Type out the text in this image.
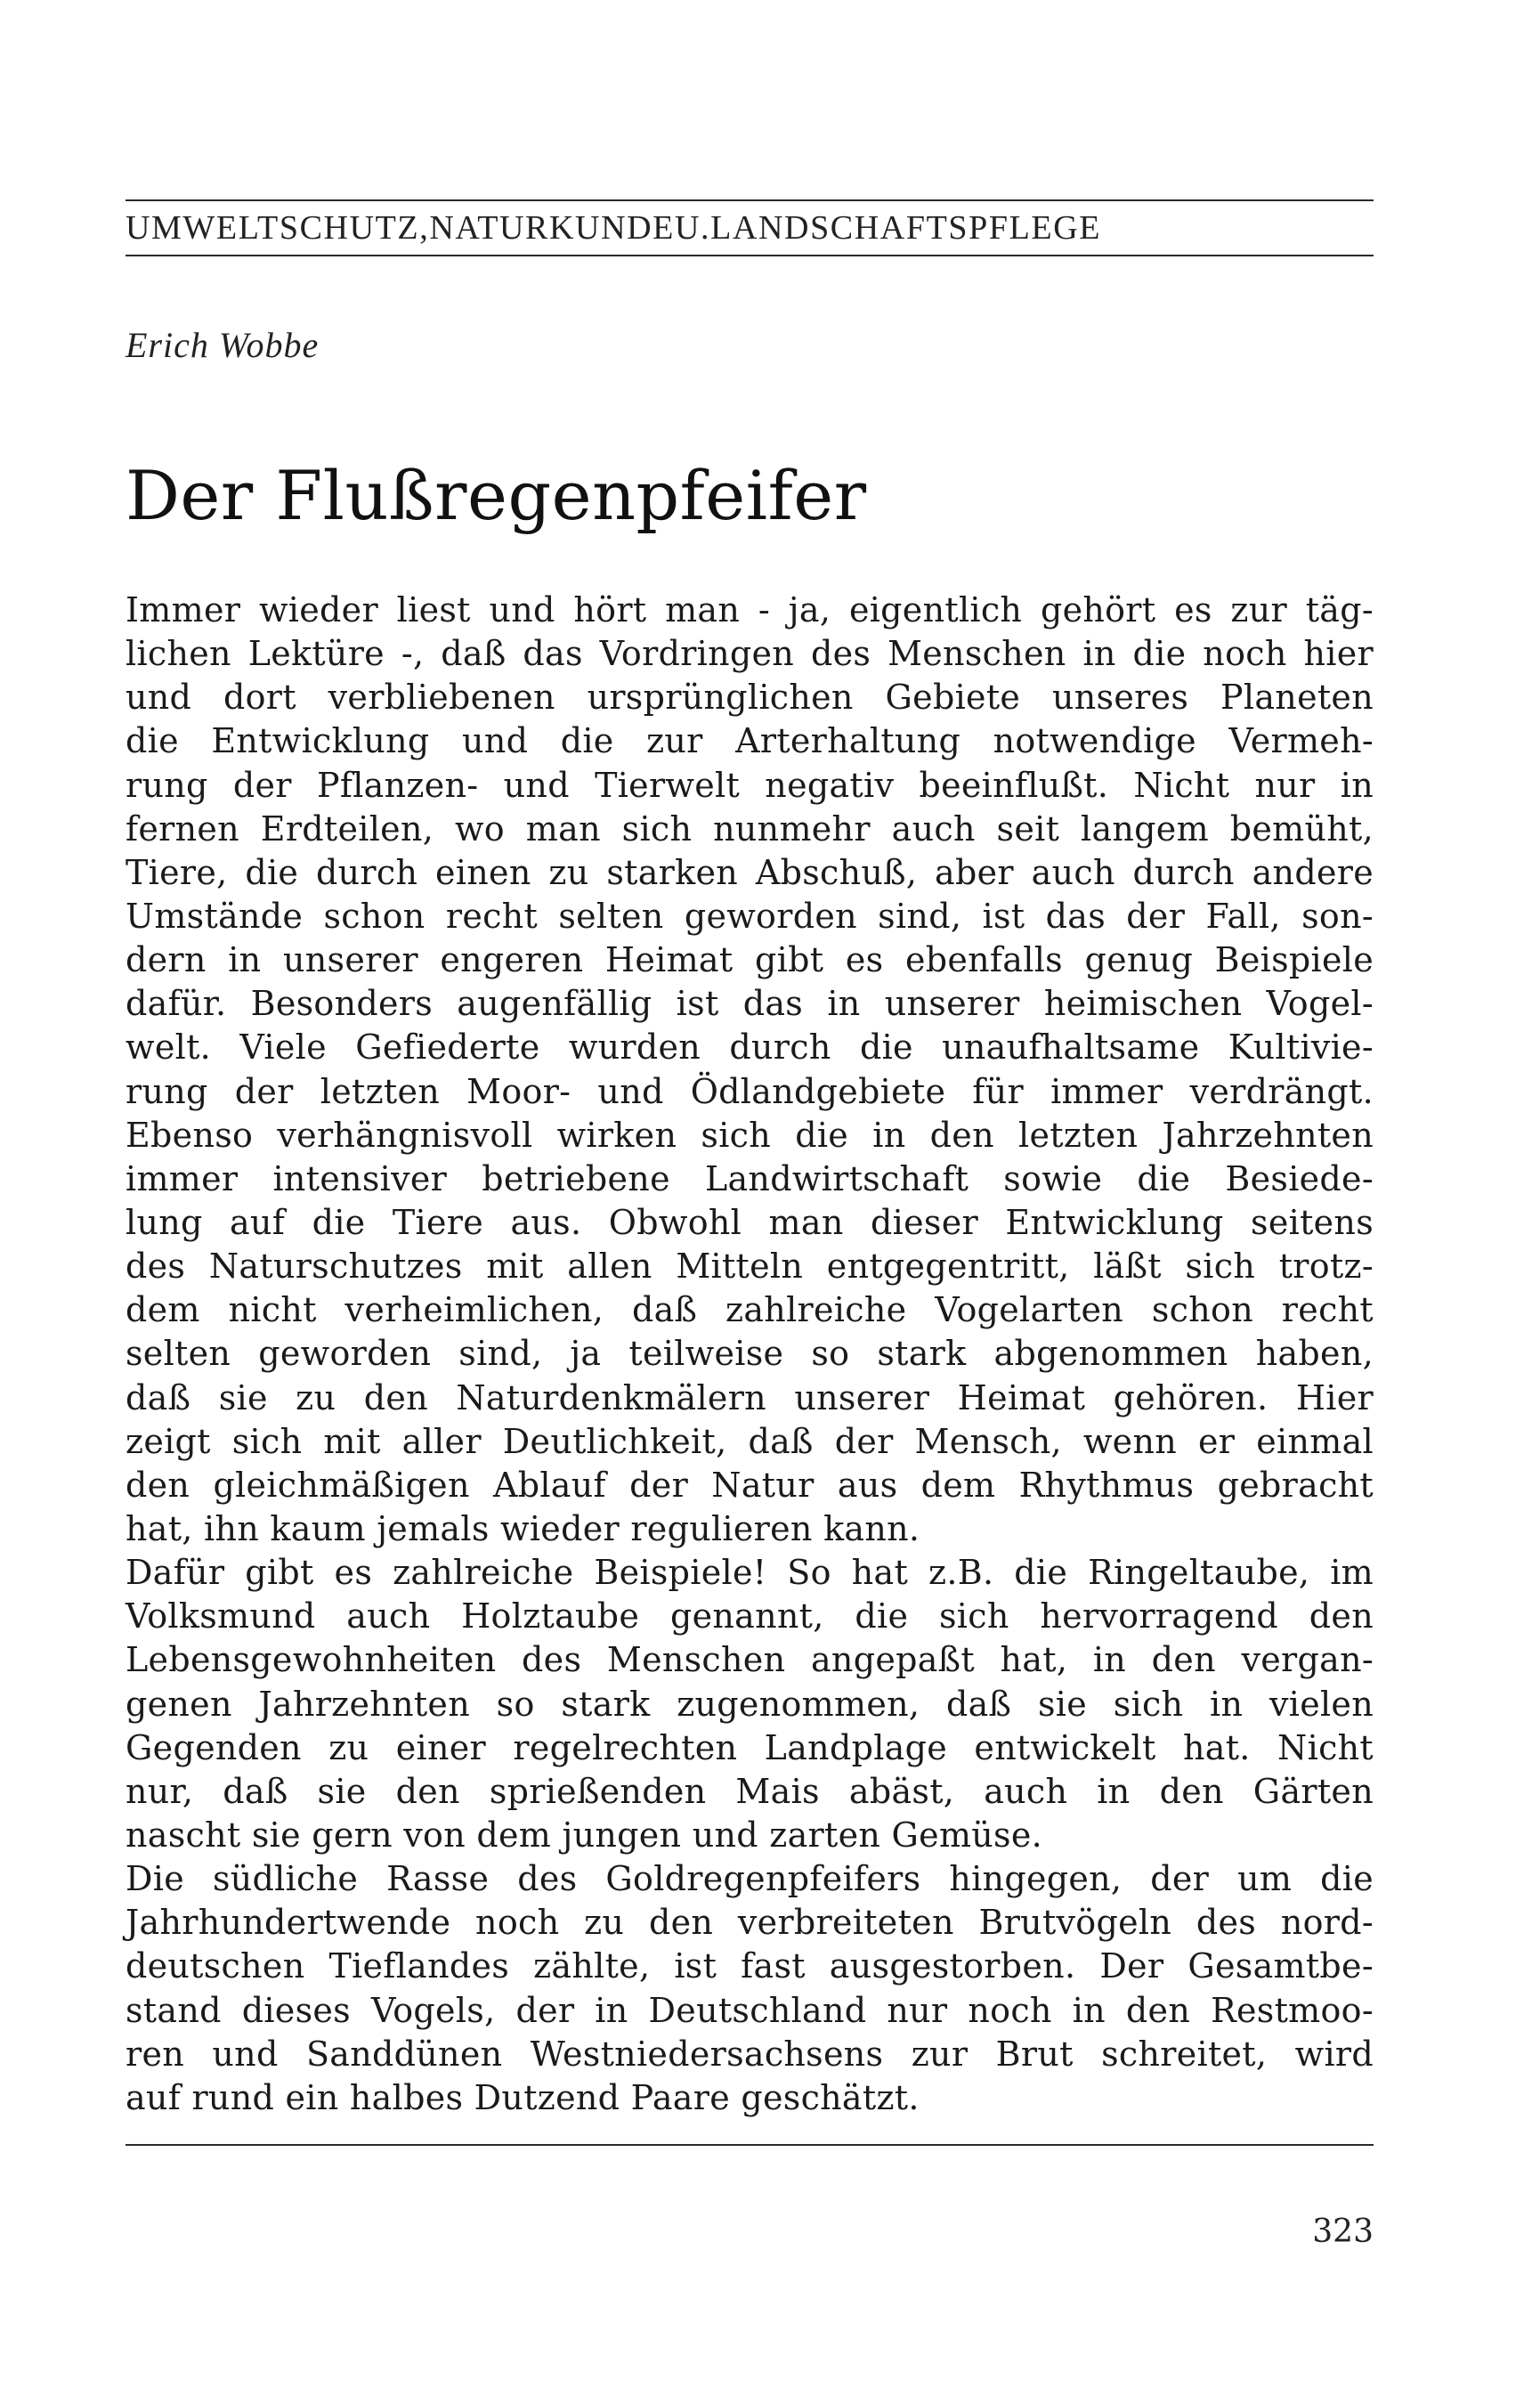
UMWELTSCHUTZ,NATURKUNDEU.LANDSCHAFTSPFLEGE
Erich Wobbe
Der Flußregenpfeifer
Immer wieder liest und hört man - ja, eigentlich gehört es zur täg-
lichen Lektüre -, daß das Vordringen des Menschen in die noch hier
und dort verbliebenen ursprünglichen Gebiete unseres Planeten
die Entwicklung und die zur Arterhaltung notwendige Vermeh-
rung der Pflanzen- und Tierwelt negativ beeinflußt. Nicht nur in
fernen Erdteilen, wo man sich nunmehr auch seit langem bemüht,
Tiere, die durch einen zu starken Abschuß, aber auch durch andere
Umstände schon recht selten geworden sind, ist das der Fall, son-
dern in unserer engeren Heimat gibt es ebenfalls genug Beispiele
dafür. Besonders augenfällig ist das in unserer heimischen Vogel-
welt. Viele Gefiederte wurden durch die unaufhaltsame Kultivie-
rung der letzten Moor- und Ödlandgebiete für immer verdrängt.
Ebenso verhängnisvoll wirken sich die in den letzten Jahrzehnten
immer intensiver betriebene Landwirtschaft sowie die Besiede-
lung auf die Tiere aus. Obwohl man dieser Entwicklung seitens
des Naturschutzes mit allen Mitteln entgegentritt, läßt sich trotz-
dem nicht verheimlichen, daß zahlreiche Vogelarten schon recht
selten geworden sind, ja teilweise so stark abgenommen haben,
daß sie zu den Naturdenkmälern unserer Heimat gehören. Hier
zeigt sich mit aller Deutlichkeit, daß der Mensch, wenn er einmal
den gleichmäßigen Ablauf der Natur aus dem Rhythmus gebracht
hat, ihn kaum jemals wieder regulieren kann.
Dafür gibt es zahlreiche Beispiele! So hat z.B. die Ringeltaube, im
Volksmund auch Holztaube genannt, die sich hervorragend den
Lebensgewohnheiten des Menschen angepaßt hat, in den vergan-
genen Jahrzehnten so stark zugenommen, daß sie sich in vielen
Gegenden zu einer regelrechten Landplage entwickelt hat. Nicht
nur, daß sie den sprießenden Mais abäst, auch in den Gärten
nascht sie gern von dem jungen und zarten Gemüse.
Die südliche Rasse des Goldregenpfeifers hingegen, der um die
Jahrhundertwende noch zu den verbreiteten Brutvögeln des nord-
deutschen Tieflandes zählte, ist fast ausgestorben. Der Gesamtbe-
stand dieses Vogels, der in Deutschland nur noch in den Restmoo-
ren und Sanddünen Westniedersachsens zur Brut schreitet, wird
auf rund ein halbes Dutzend Paare geschätzt.
323
